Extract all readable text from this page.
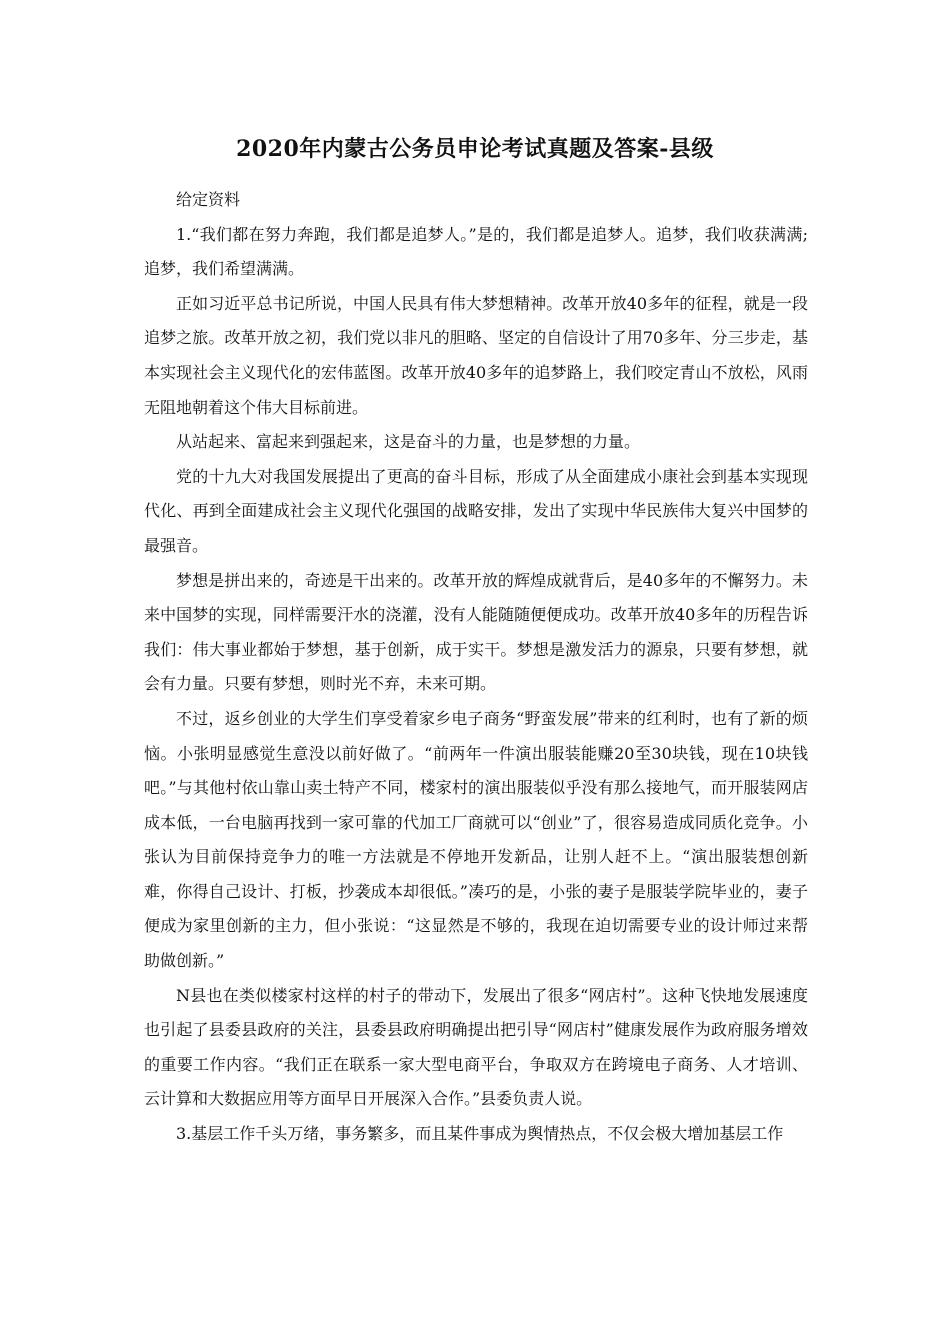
2020年内蒙古公务员申论考试真题及答案-县级

给定资料

1.“我们都在努力奔跑，我们都是追梦人。”是的，我们都是追梦人。追梦，我们收获满满;追梦，我们希望满满。

正如习近平总书记所说，中国人民具有伟大梦想精神。改革开放40多年的征程，就是一段追梦之旅。改革开放之初，我们党以非凡的胆略、坚定的自信设计了用70多年、分三步走，基本实现社会主义现代化的宏伟蓝图。改革开放40多年的追梦路上，我们咬定青山不放松，风雨无阻地朝着这个伟大目标前进。

从站起来、富起来到强起来，这是奋斗的力量，也是梦想的力量。

党的十九大对我国发展提出了更高的奋斗目标，形成了从全面建成小康社会到基本实现现代化、再到全面建成社会主义现代化强国的战略安排，发出了实现中华民族伟大复兴中国梦的最强音。

梦想是拼出来的，奇迹是干出来的。改革开放的辉煌成就背后，是40多年的不懈努力。未来中国梦的实现，同样需要汗水的浇灌，没有人能随随便便成功。改革开放40多年的历程告诉我们：伟大事业都始于梦想，基于创新，成于实干。梦想是激发活力的源泉，只要有梦想，就会有力量。只要有梦想，则时光不弃，未来可期。

不过，返乡创业的大学生们享受着家乡电子商务“野蛮发展”带来的红利时，也有了新的烦恼。小张明显感觉生意没以前好做了。“前两年一件演出服装能赚20至30块钱，现在10块钱吧。”与其他村依山靠山卖土特产不同，楼家村的演出服装似乎没有那么接地气，而开服装网店成本低，一台电脑再找到一家可靠的代加工厂商就可以“创业”了，很容易造成同质化竞争。小张认为目前保持竞争力的唯一方法就是不停地开发新品，让别人赶不上。“演出服装想创新难，你得自己设计、打板，抄袭成本却很低。”凑巧的是，小张的妻子是服装学院毕业的，妻子便成为家里创新的主力，但小张说：“这显然是不够的，我现在迫切需要专业的设计师过来帮助做创新。”

N县也在类似楼家村这样的村子的带动下，发展出了很多“网店村”。这种飞快地发展速度也引起了县委县政府的关注，县委县政府明确提出把引导“网店村”健康发展作为政府服务增效的重要工作内容。“我们正在联系一家大型电商平台，争取双方在跨境电子商务、人才培训、云计算和大数据应用等方面早日开展深入合作。”县委负责人说。

3.基层工作千头万绪，事务繁多，而且某件事成为舆情热点，不仅会极大增加基层工作
